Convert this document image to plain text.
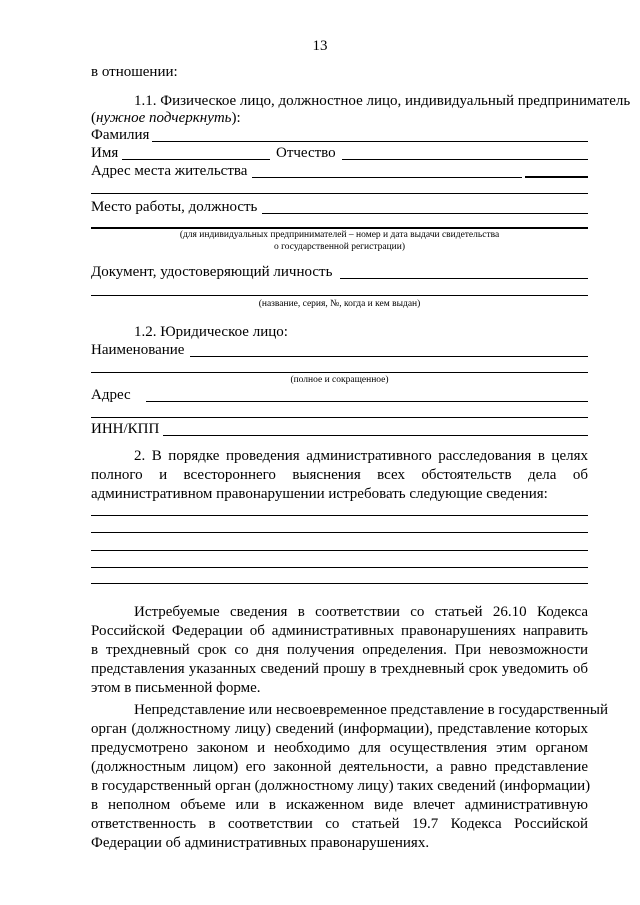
13
в отношении:
1.1. Физическое лицо, должностное лицо, индивидуальный предприниматель
(нужное подчеркнуть):
Фамилия
Имя	Отчество
Адрес места жительства
Место работы, должность
(для индивидуальных предпринимателей – номер и дата выдачи свидетельства
о государственной регистрации)
Документ, удостоверяющий личность
(название, серия, №, когда и кем выдан)
1.2. Юридическое лицо:
Наименование
(полное и сокращенное)
Адрес
ИНН/КПП
2. В порядке проведения административного расследования в целях
полного и всестороннего выяснения всех обстоятельств дела об
административном правонарушении истребовать следующие сведения:
Истребуемые сведения в соответствии со статьей 26.10 Кодекса
Российской Федерации об административных правонарушениях направить
в трехдневный срок со дня получения определения. При невозможности
представления указанных сведений прошу в трехдневный срок уведомить об
этом в письменной форме.
Непредставление или несвоевременное представление в государственный
орган (должностному лицу) сведений (информации), представление которых
предусмотрено законом и необходимо для осуществления этим органом
(должностным лицом) его законной деятельности, а равно представление
в государственный орган (должностному лицу) таких сведений (информации)
в неполном объеме или в искаженном виде влечет административную
ответственность в соответствии со статьей 19.7 Кодекса Российской
Федерации об административных правонарушениях.
